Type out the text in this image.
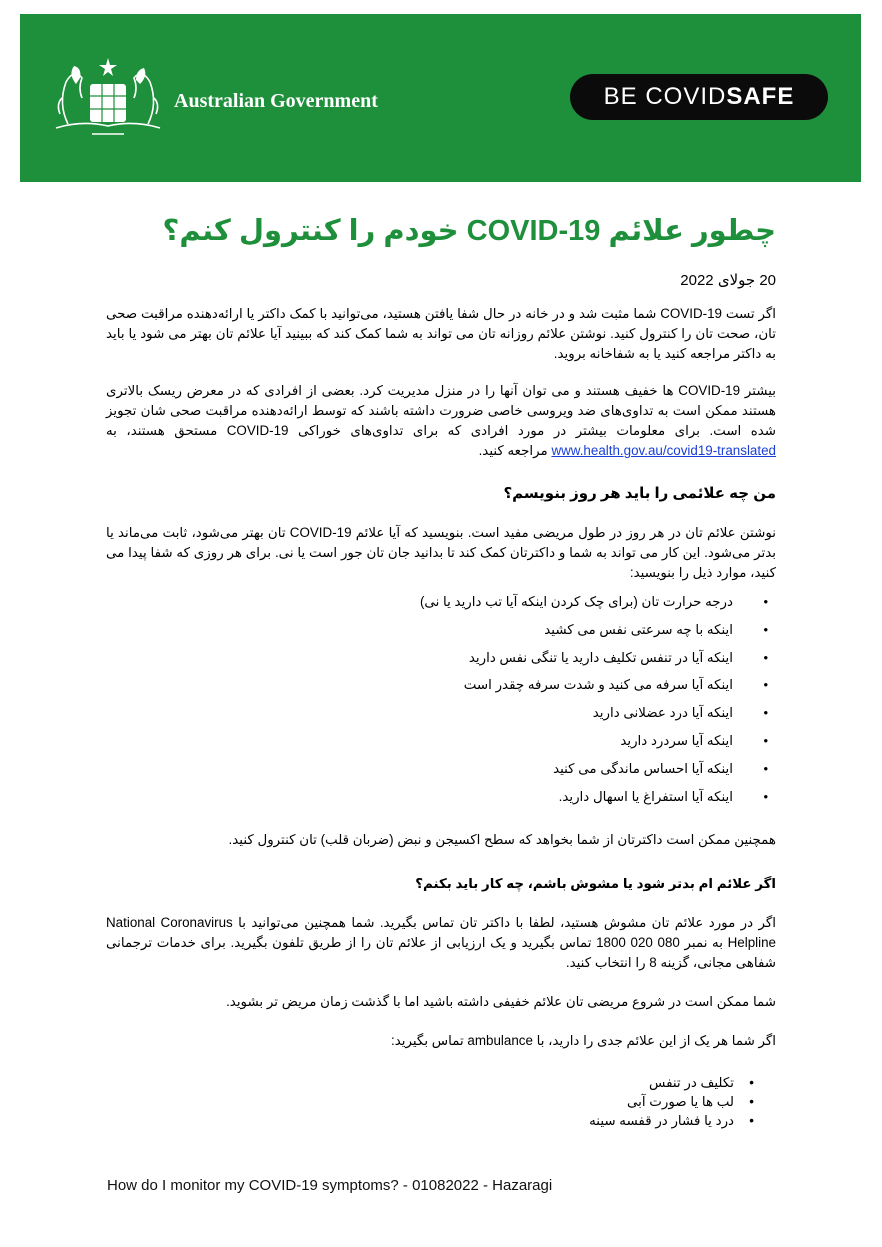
Australian Government	BE COVIDSAFE
چطور علائم COVID-19 خودم را کنترول کنم؟
20 جولای 2022
اگر تست COVID-19 شما مثبت شد و در خانه در حال شفا یافتن هستید، می‌توانید با کمک داکتر یا ارائه‌دهنده مراقبت صحی تان، صحت تان را کنترول کنید. نوشتن علائم روزانه تان می تواند به شما کمک کند که ببینید آیا علائم تان بهتر می شود یا باید به داکتر مراجعه کنید یا به شفاخانه بروید.
بیشتر COVID-19 ها خفیف هستند و می توان آنها را در منزل مدیریت کرد. بعضی از افرادی که در معرض ریسک بالاتری هستند ممکن است به تداوی‌های ضد ویروسی خاصی ضرورت داشته باشند که توسط ارائه‌دهنده مراقبت صحی شان تجویز شده است. برای معلومات بیشتر در مورد افرادی که برای تداوی‌های خوراکی COVID-19 مستحق هستند، به www.health.gov.au/covid19-translated مراجعه کنید.
من چه علائمی را باید هر روز بنویسم؟
نوشتن علائم تان در هر روز در طول مریضی مفید است. بنویسید که آیا علائم COVID-19 تان بهتر می‌شود، ثابت می‌ماند یا بدتر می‌شود. این کار می تواند به شما و داکترتان کمک کند تا بدانید جان تان جور است یا نی. برای هر روزی که شفا پیدا می کنید، موارد ذیل را بنویسید:
• درجه حرارت تان (برای چک کردن اینکه آیا تب دارید یا نی)
• اینکه با چه سرعتی نفس می کشید
• اینکه آیا در تنفس تکلیف دارید یا تنگی نفس دارید
• اینکه آیا سرفه می کنید و شدت سرفه چقدر است
• اینکه آیا درد عضلانی دارید
• اینکه آیا سردرد دارید
• اینکه آیا احساس ماندگی می کنید
• اینکه آیا استفراغ یا اسهال دارید.
همچنین ممکن است داکترتان از شما بخواهد که سطح اکسیجن و نبض (ضربان قلب) تان کنترول کنید.
اگر علائم ام بدتر شود یا مشوش باشم، چه کار باید بکنم؟
اگر در مورد علائم تان مشوش هستید، لطفا با داکتر تان تماس بگیرید. شما همچنین می‌توانید با National Coronavirus Helpline به نمبر 080 020 1800 تماس بگیرید و یک ارزیابی از علائم تان را از طریق تلفون بگیرید. برای خدمات ترجمانی شفاهی مجانی، گزینه 8 را انتخاب کنید.
شما ممکن است در شروع مریضی تان علائم خفیفی داشته باشید اما با گذشت زمان مریض تر بشوید.
اگر شما هر یک از این علائم جدی را دارید، با ambulance تماس بگیرید:
• تکلیف در تنفس
• لب ها یا صورت آبی
• درد یا فشار در قفسه سینه
How do I monitor my COVID-19 symptoms? - 01082022 - Hazaragi
